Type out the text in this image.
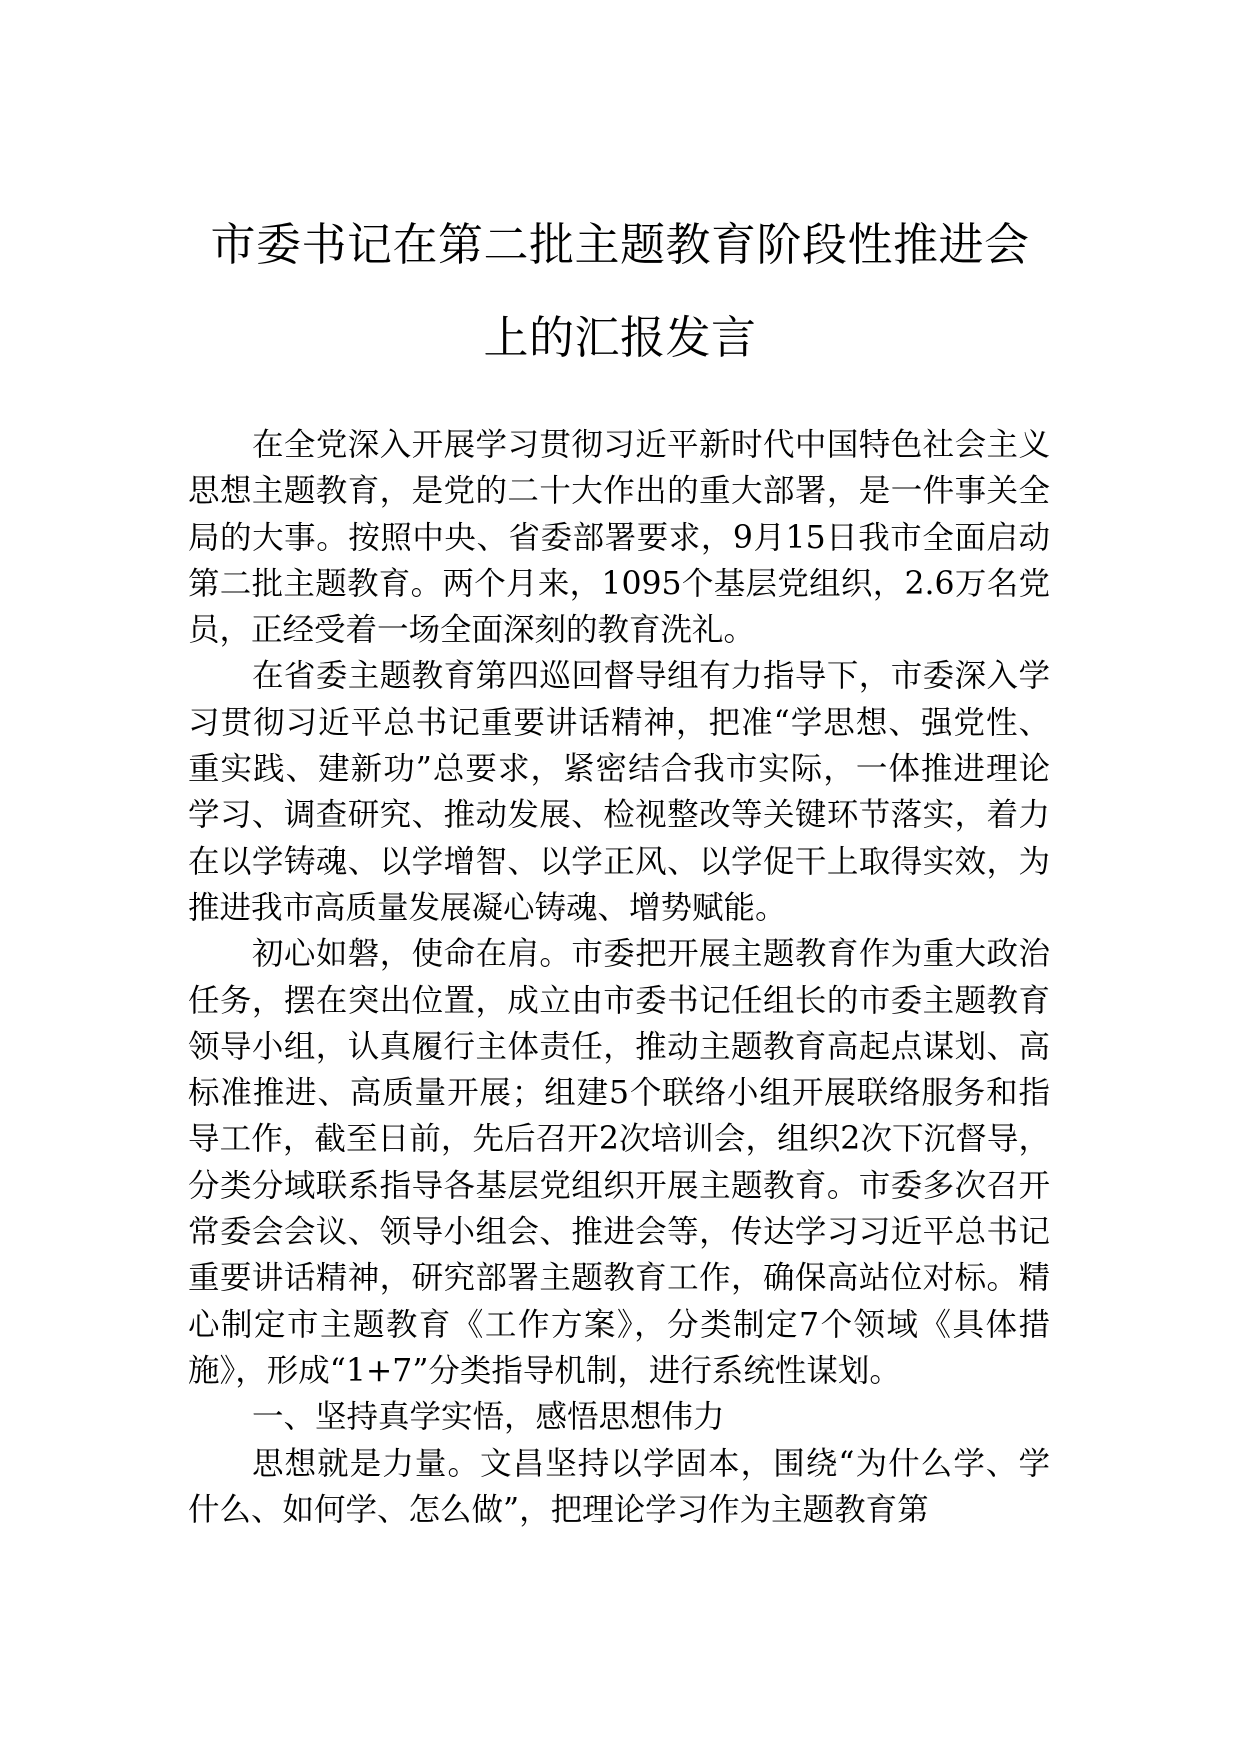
市委书记在第二批主题教育阶段性推进会
上的汇报发言

在全党深入开展学习贯彻习近平新时代中国特色社会主义思想主题教育，是党的二十大作出的重大部署，是一件事关全局的大事。按照中央、省委部署要求，9月15日我市全面启动第二批主题教育。两个月来，1095个基层党组织，2.6万名党员，正经受着一场全面深刻的教育洗礼。

在省委主题教育第四巡回督导组有力指导下，市委深入学习贯彻习近平总书记重要讲话精神，把准“学思想、强党性、重实践、建新功”总要求，紧密结合我市实际，一体推进理论学习、调查研究、推动发展、检视整改等关键环节落实，着力在以学铸魂、以学增智、以学正风、以学促干上取得实效，为推进我市高质量发展凝心铸魂、增势赋能。

初心如磐，使命在肩。市委把开展主题教育作为重大政治任务，摆在突出位置，成立由市委书记任组长的市委主题教育领导小组，认真履行主体责任，推动主题教育高起点谋划、高标准推进、高质量开展；组建5个联络小组开展联络服务和指导工作，截至日前，先后召开2次培训会，组织2次下沉督导，分类分域联系指导各基层党组织开展主题教育。市委多次召开常委会会议、领导小组会、推进会等，传达学习习近平总书记重要讲话精神，研究部署主题教育工作，确保高站位对标。精心制定市主题教育《工作方案》，分类制定7个领域《具体措施》，形成“1+7”分类指导机制，进行系统性谋划。

一、坚持真学实悟，感悟思想伟力

思想就是力量。文昌坚持以学固本，围绕“为什么学、学什么、如何学、怎么做”，把理论学习作为主题教育第
